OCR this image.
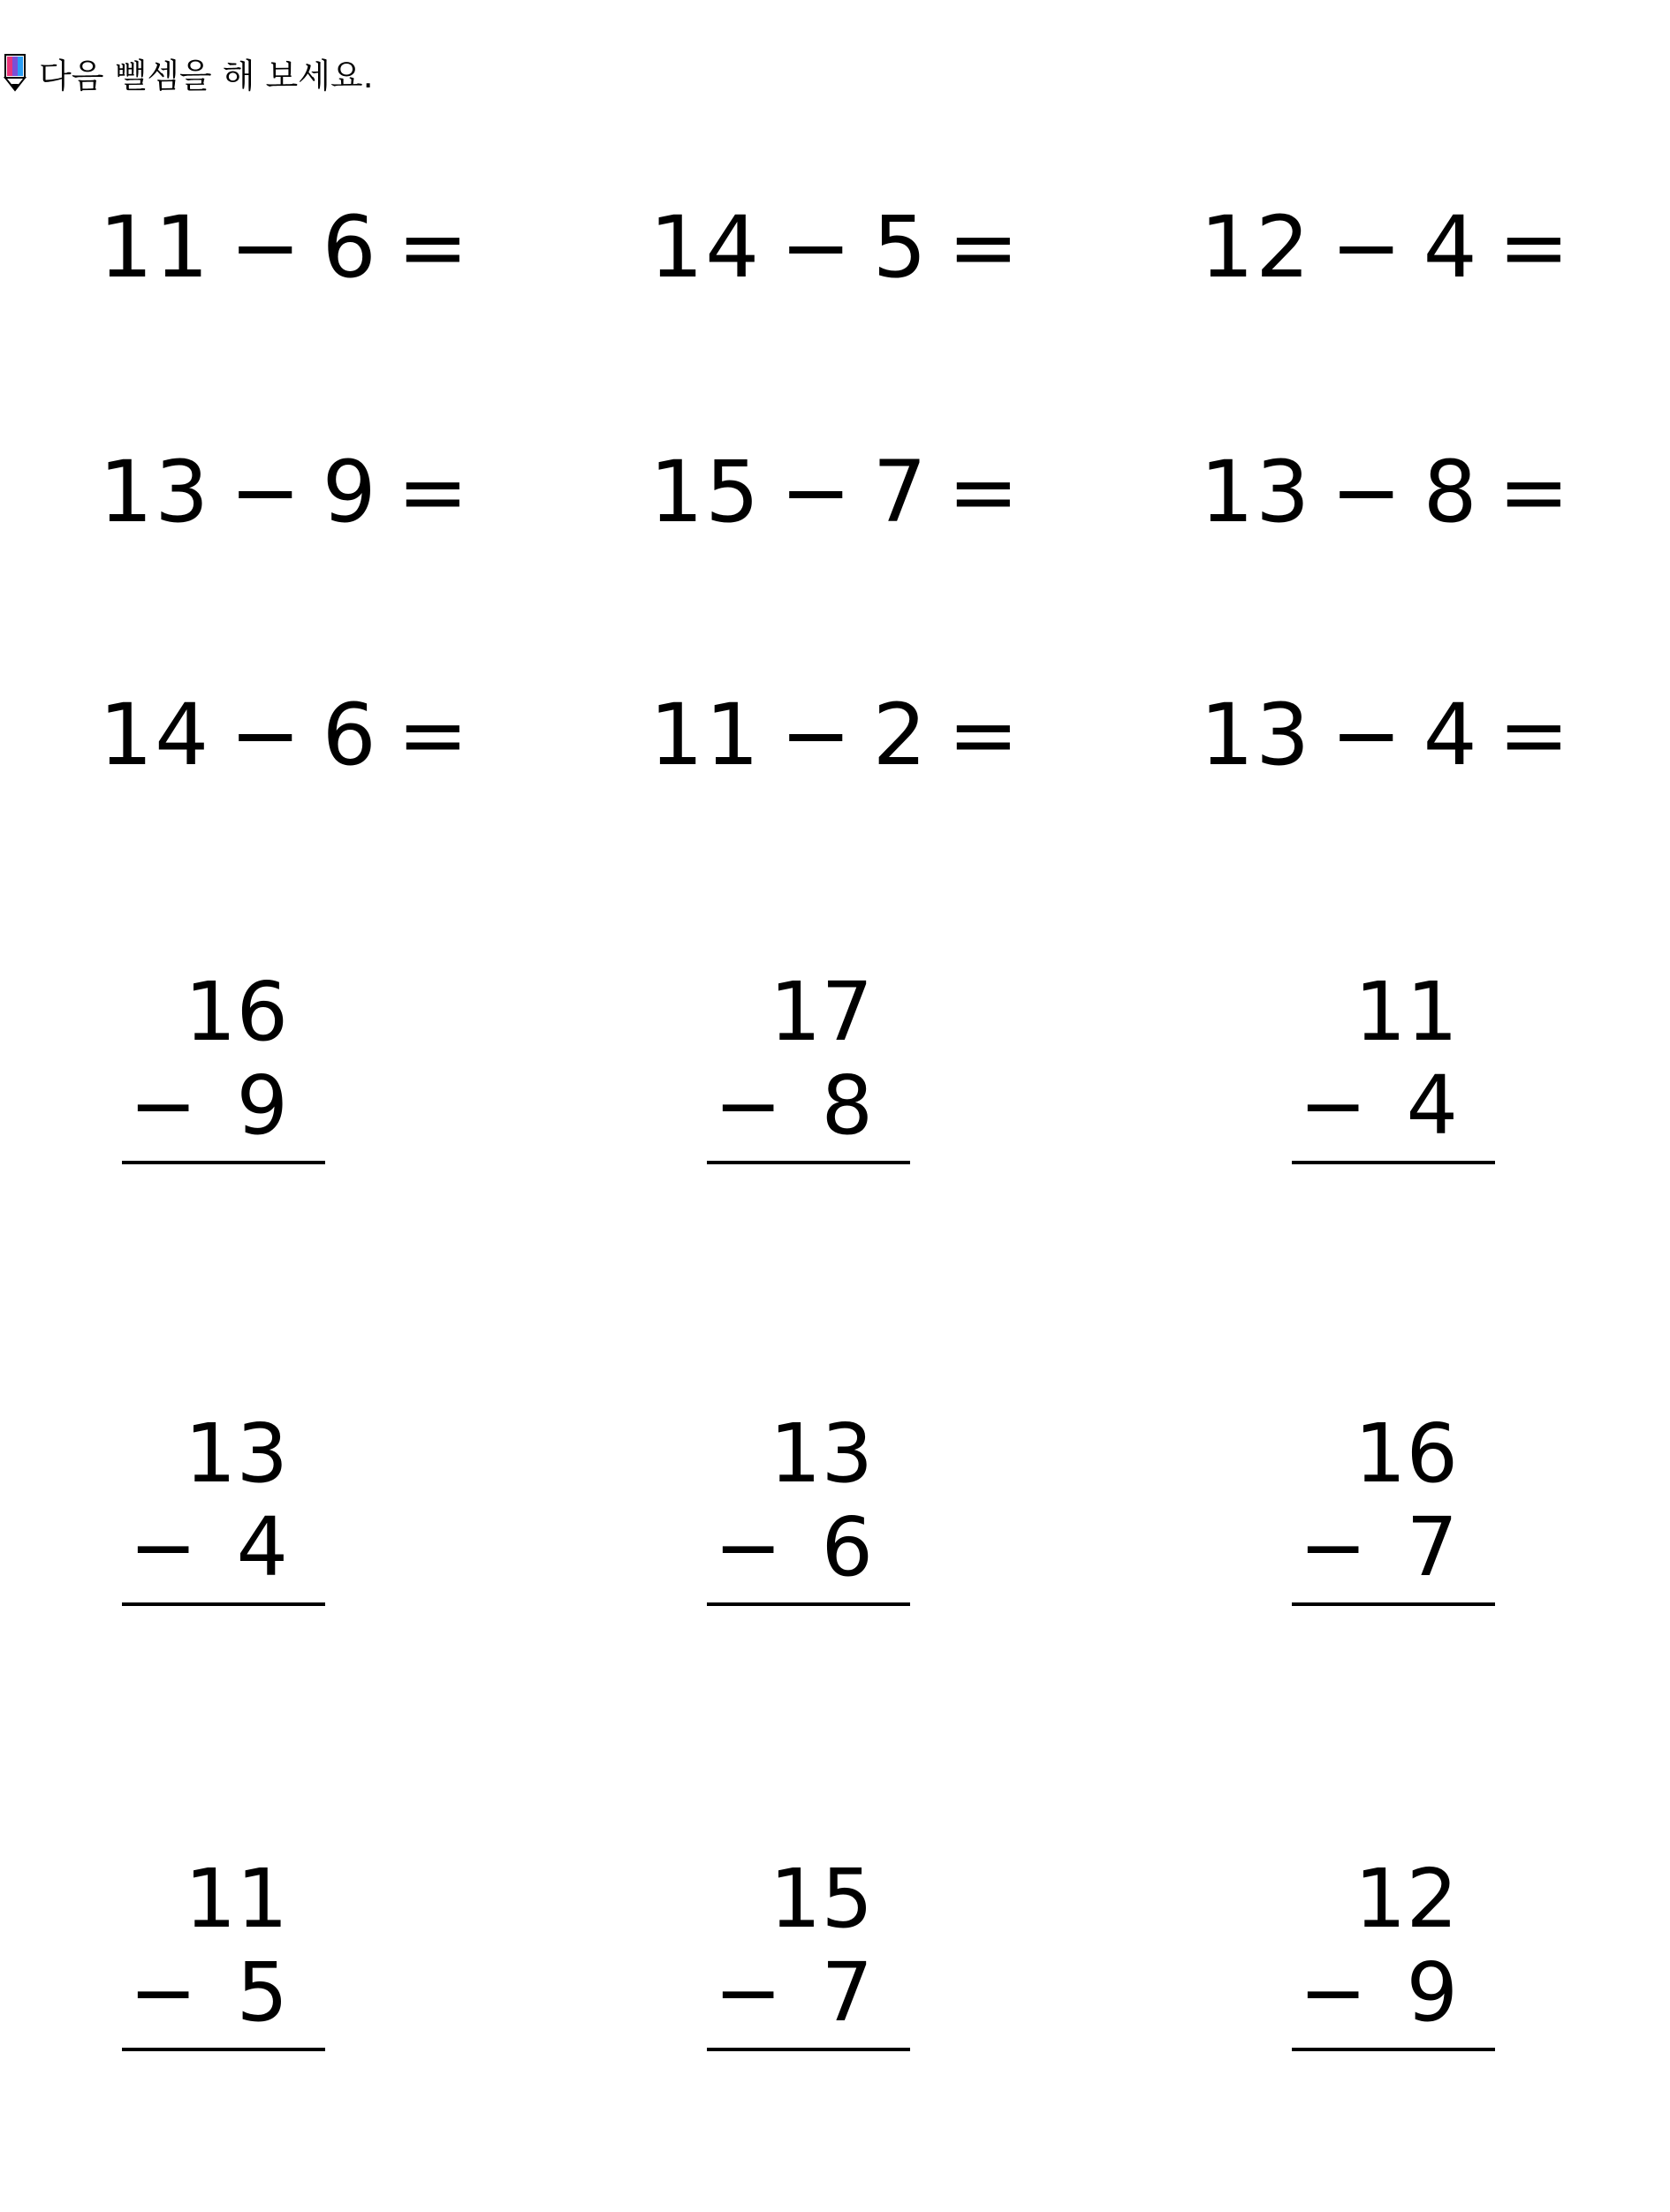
다음 뺄셈을 해 보세요.
11 − 6 = 14 − 5 = 12 − 4 =
13 − 9 = 15 − 7 = 13 − 8 =
14 − 6 = 11 − 2 = 13 − 4 =
16
− 9
17
− 8
11
− 4
13
− 4
13
− 6
16
− 7
11
− 5
15
− 7
12
− 9
